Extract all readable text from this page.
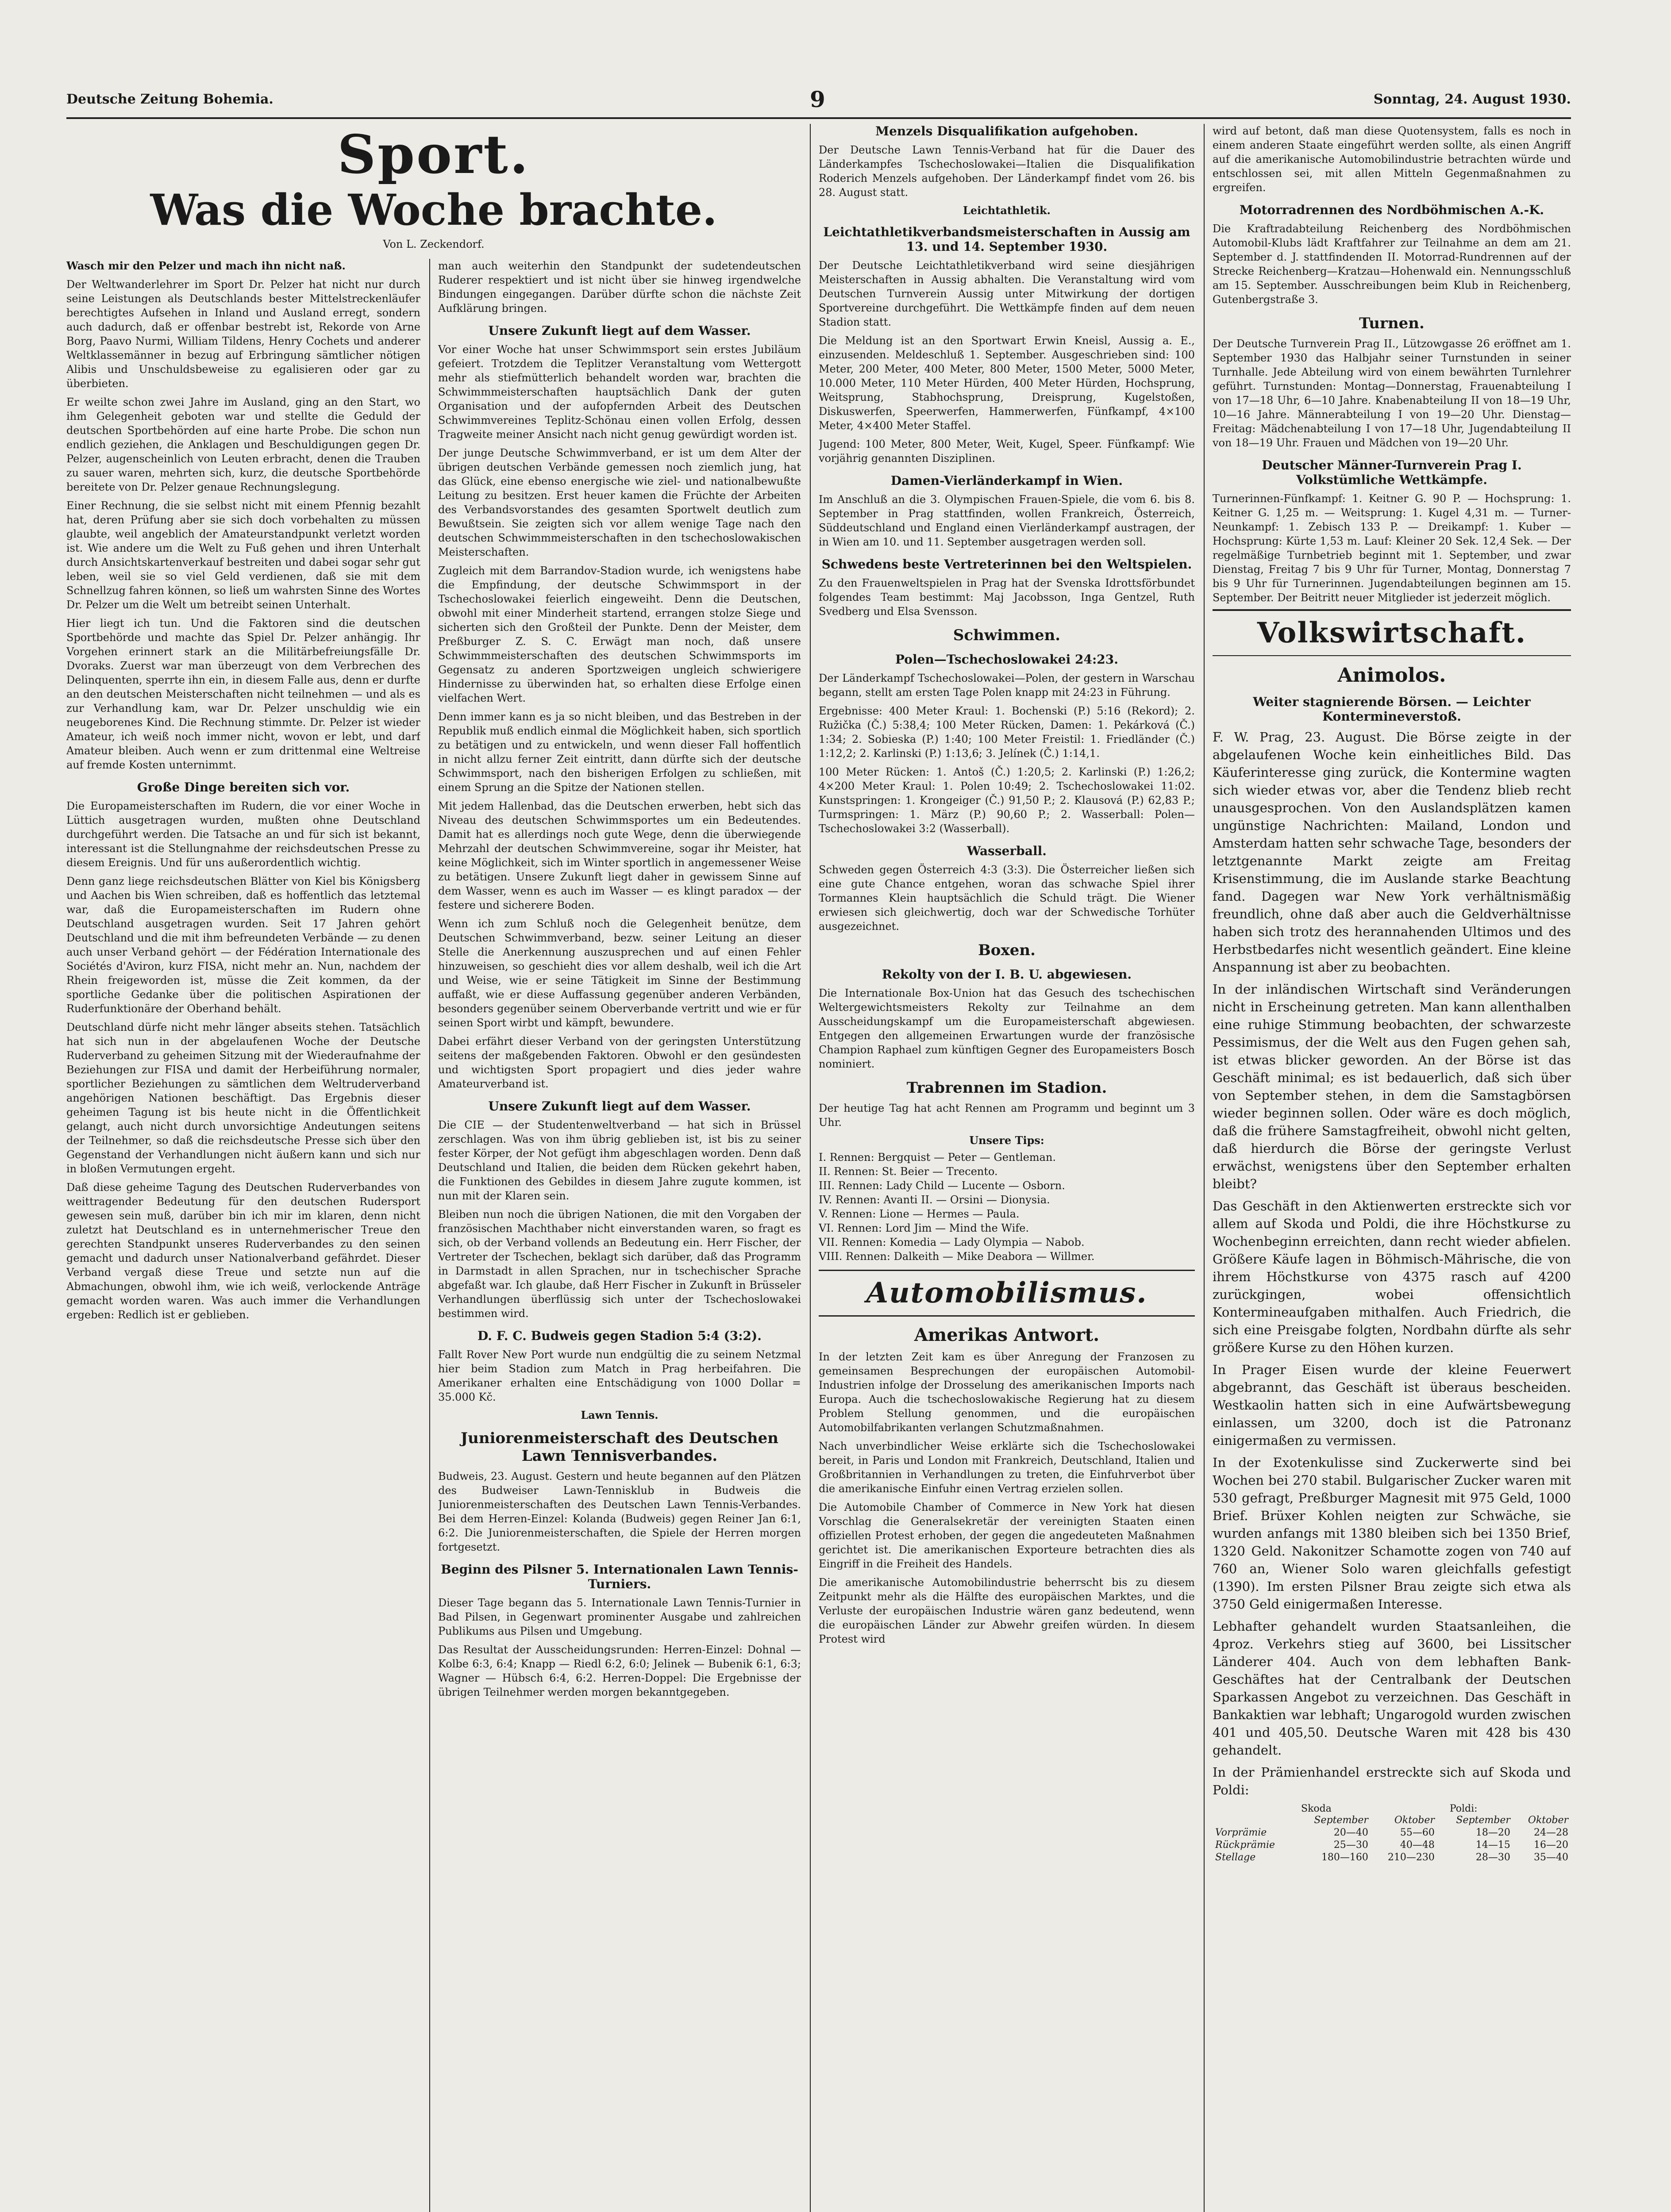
Deutsche Zeitung Bohemia.	9	Sonntag, 24. August 1930.
Sport.
Was die Woche brachte.
Von L. Zeckendorf.

Wasch mir den Pelzer und mach ihn nicht naß.

Der Weltwanderlehrer im Sport Dr. Pelzer hat nicht nur durch seine Leistungen als Deutschlands bester Mittelstreckenläufer berechtigtes Aufsehen in Inland und Ausland erregt, sondern auch dadurch, daß er offenbar bestrebt ist, Rekorde von Arne Borg, Paavo Nurmi, William Tildens, Henry Cochets und anderer Weltklassemänner in bezug auf Erbringung sämtlicher nötigen Alibis und Unschuldsbeweise zu egalisieren oder gar zu überbieten.

Er weilte schon zwei Jahre im Ausland, ging an den Start, wo ihm Gelegenheit geboten war und stellte die Geduld der deutschen Sportbehörden auf eine harte Probe. Die schon nun endlich geziehen, die Anklagen und Beschuldigungen gegen Dr. Pelzer, augenscheinlich von Leuten erbracht, denen die Trauben zu sauer waren, mehrten sich, kurz, die deutsche Sportbehörde bereitete von Dr. Pelzer genaue Rechnungslegung.

Einer Rechnung, die sie selbst nicht mit einem Pfennig bezahlt hat, deren Prüfung aber sie sich doch vorbehalten zu müssen glaubte, weil angeblich der Amateurstandpunkt verletzt worden ist. Wie andere um die Welt zu Fuß gehen und ihren Unterhalt durch Ansichtskartenverkauf bestreiten und dabei sogar sehr gut leben, weil sie so viel Geld verdienen, daß sie mit dem Schnellzug fahren können, so ließ um wahrsten Sinne des Wortes Dr. Pelzer um die Welt um betreibt seinen Unterhalt.

Hier liegt ich tun. Und die Faktoren sind die deutschen Sportbehörde und machte das Spiel Dr. Pelzer anhängig. Ihr Vorgehen erinnert stark an die Militärbefreiungsfälle Dr. Dvoraks. Zuerst war man überzeugt von dem Verbrechen des Delinquenten, sperrte ihn ein, in diesem Falle aus, denn er durfte an den deutschen Meisterschaften nicht teilnehmen — und als es zur Verhandlung kam, war Dr. Pelzer unschuldig wie ein neugeborenes Kind. Die Rechnung stimmte. Dr. Pelzer ist wieder Amateur, ich weiß noch immer nicht, wovon er lebt, und darf Amateur bleiben. Auch wenn er zum drittenmal eine Weltreise auf fremde Kosten unternimmt.

Große Dinge bereiten sich vor.

Die Europameisterschaften im Rudern, die vor einer Woche in Lüttich ausgetragen wurden, mußten ohne Deutschland durchgeführt werden. Die Tatsache an und für sich ist bekannt, interessant ist die Stellungnahme der reichsdeutschen Presse zu diesem Ereignis. Und für uns außerordentlich wichtig.

Denn ganz liege reichsdeutschen Blätter von Kiel bis Königsberg und Aachen bis Wien schreiben, daß es hoffentlich das letztemal war, daß die Europameisterschaften im Rudern ohne Deutschland ausgetragen wurden. Seit 17 Jahren gehört Deutschland und die mit ihm befreundeten Verbände — zu denen auch unser Verband gehört — der Fédération Internationale des Sociétés d'Aviron, kurz FISA, nicht mehr an. Nun, nachdem der Rhein freigeworden ist, müsse die Zeit kommen, da der sportliche Gedanke über die politischen Aspirationen der Ruderfunktionäre der Oberhand behält.

Deutschland dürfe nicht mehr länger abseits stehen. Tatsächlich hat sich nun in der abgelaufenen Woche der Deutsche Ruderverband zu geheimen Sitzung mit der Wiederaufnahme der Beziehungen zur FISA und damit der Herbeiführung normaler, sportlicher Beziehungen zu sämtlichen dem Weltruderverband angehörigen Nationen beschäftigt. Das Ergebnis dieser geheimen Tagung ist bis heute nicht in die Öffentlichkeit gelangt, auch nicht durch unvorsichtige Andeutungen seitens der Teilnehmer, so daß die reichsdeutsche Presse sich über den Gegenstand der Verhandlungen nicht äußern kann und sich nur in bloßen Vermutungen ergeht.

Daß diese geheime Tagung des Deutschen Ruderverbandes von weittragender Bedeutung für den deutschen Rudersport gewesen sein muß, darüber bin ich mir im klaren, denn nicht zuletzt hat Deutschland es in unternehmerischer Treue den gerechten Standpunkt unseres Ruderverbandes zu den seinen gemacht und dadurch unser Nationalverband gefährdet. Dieser Verband vergaß diese Treue und setzte nun auf die Abmachungen, obwohl ihm, wie ich weiß, verlockende Anträge gemacht worden waren. Was auch immer die Verhandlungen ergeben: Redlich ist er geblieben.

man auch weiterhin den Standpunkt der sudetendeutschen Ruderer respektiert und ist nicht über sie hinweg irgendwelche Bindungen eingegangen. Darüber dürfte schon die nächste Zeit Aufklärung bringen.

Unsere Zukunft liegt auf dem Wasser.

Vor einer Woche hat unser Schwimmsport sein erstes Jubiläum gefeiert. Trotzdem die Teplitzer Veranstaltung vom Wettergott mehr als stiefmütterlich behandelt worden war, brachten die Schwimmmeisterschaften hauptsächlich Dank der guten Organisation und der aufopfernden Arbeit des Deutschen Schwimmvereines Teplitz-Schönau einen vollen Erfolg, dessen Tragweite meiner Ansicht nach nicht genug gewürdigt worden ist.

Der junge Deutsche Schwimmverband, er ist um dem Alter der übrigen deutschen Verbände gemessen noch ziemlich jung, hat das Glück, eine ebenso energische wie ziel- und nationalbewußte Leitung zu besitzen. Erst heuer kamen die Früchte der Arbeiten des Verbandsvorstandes des gesamten Sportwelt deutlich zum Bewußtsein. Sie zeigten sich vor allem wenige Tage nach den deutschen Schwimmmeisterschaften in den tschechoslowakischen Meisterschaften.

Zugleich mit dem Barrandov-Stadion wurde, ich wenigstens habe die Empfindung, der deutsche Schwimmsport in der Tschechoslowakei feierlich eingeweiht. Denn die Deutschen, obwohl mit einer Minderheit startend, errangen stolze Siege und sicherten sich den Großteil der Punkte. Denn der Meister, dem Preßburger Z. S. C. Erwägt man noch, daß unsere Schwimmmeisterschaften des deutschen Schwimmsports im Gegensatz zu anderen Sportzweigen ungleich schwierigere Hindernisse zu überwinden hat, so erhalten diese Erfolge einen vielfachen Wert.

Denn immer kann es ja so nicht bleiben, und das Bestreben in der Republik muß endlich einmal die Möglichkeit haben, sich sportlich zu betätigen und zu entwickeln, und wenn dieser Fall hoffentlich in nicht allzu ferner Zeit eintritt, dann dürfte sich der deutsche Schwimmsport, nach den bisherigen Erfolgen zu schließen, mit einem Sprung an die Spitze der Nationen stellen.

Mit jedem Hallenbad, das die Deutschen erwerben, hebt sich das Niveau des deutschen Schwimmsportes um ein Bedeutendes. Damit hat es allerdings noch gute Wege, denn die überwiegende Mehrzahl der deutschen Schwimmvereine, sogar ihr Meister, hat keine Möglichkeit, sich im Winter sportlich in angemessener Weise zu betätigen. Unsere Zukunft liegt daher in gewissem Sinne auf dem Wasser, wenn es auch im Wasser — es klingt paradox — der festere und sicherere Boden.

Wenn ich zum Schluß noch die Gelegenheit benütze, dem Deutschen Schwimmverband, bezw. seiner Leitung an dieser Stelle die Anerkennung auszusprechen und auf einen Fehler hinzuweisen, so geschieht dies vor allem deshalb, weil ich die Art und Weise, wie er seine Tätigkeit im Sinne der Bestimmung auffaßt, wie er diese Auffassung gegenüber anderen Verbänden, besonders gegenüber seinem Oberverbande vertritt und wie er für seinen Sport wirbt und kämpft, bewundere.

Dabei erfährt dieser Verband von der geringsten Unterstützung seitens der maßgebenden Faktoren. Obwohl er den gesündesten und wichtigsten Sport propagiert und dies jeder wahre Amateurverband ist.

Unsere Zukunft liegt auf dem Wasser.

Die CIE — der Studentenweltverband — hat sich in Brüssel zerschlagen. Was von ihm übrig geblieben ist, ist bis zu seiner fester Körper, der Not gefügt ihm abgeschlagen worden. Denn daß Deutschland und Italien, die beiden dem Rücken gekehrt haben, die Funktionen des Gebildes in diesem Jahre zugute kommen, ist nun mit der Klaren sein.

Bleiben nun noch die übrigen Nationen, die mit den Vorgaben der französischen Machthaber nicht einverstanden waren, so fragt es sich, ob der Verband vollends an Bedeutung ein. Herr Fischer, der Vertreter der Tschechen, beklagt sich darüber, daß das Programm in Darmstadt in allen Sprachen, nur in tschechischer Sprache abgefaßt war. Ich glaube, daß Herr Fischer in Zukunft in Brüsseler Verhandlungen überflüssig sich unter der Tschechoslowakei bestimmen wird.

D. F. C. Budweis gegen Stadion 5:4 (3:2).

Fallt Rover New Port wurde nun endgültig die zu seinem Netzmal hier beim Stadion zum Match in Prag herbeifahren. Die Amerikaner erhalten eine Entschädigung von 1000 Dollar = 35.000 Kč.

Lawn Tennis.
Juniorenmeisterschaft des Deutschen Lawn Tennisverbandes.

Budweis, 23. August. Gestern und heute begannen auf den Plätzen des Budweiser Lawn-Tennisklub in Budweis die Juniorenmeisterschaften des Deutschen Lawn Tennis-Verbandes. Bei dem Herren-Einzel: Kolanda (Budweis) gegen Reiner Jan 6:1, 6:2. Die Juniorenmeisterschaften, die Spiele der Herren morgen fortgesetzt.

Beginn des Pilsner 5. Internationalen Lawn Tennis-Turniers.

Dieser Tage begann das 5. Internationale Lawn Tennis-Turnier in Bad Pilsen, in Gegenwart prominenter Ausgabe und zahlreichen Publikums aus Pilsen und Umgebung.

Das Resultat der Ausscheidungsrunden: Herren-Einzel: Dohnal — Kolbe 6:3, 6:4; Knapp — Riedl 6:2, 6:0; Jelinek — Bubenik 6:1, 6:3; Wagner — Hübsch 6:4, 6:2. Herren-Doppel: Die Ergebnisse der übrigen Teilnehmer werden morgen bekanntgegeben.

Menzels Disqualifikation aufgehoben.

Der Deutsche Lawn Tennis-Verband hat für die Dauer des Länderkampfes Tschechoslowakei—Italien die Disqualifikation Roderich Menzels aufgehoben. Der Länderkampf findet vom 26. bis 28. August statt.

Leichtathletik.
Leichtathletikverbandsmeisterschaften in Aussig am 13. und 14. September 1930.

Der Deutsche Leichtathletikverband wird seine diesjährigen Meisterschaften in Aussig abhalten. Die Veranstaltung wird vom Deutschen Turnverein Aussig unter Mitwirkung der dortigen Sportvereine durchgeführt. Die Wettkämpfe finden auf dem neuen Stadion statt.

Die Meldung ist an den Sportwart Erwin Kneisl, Aussig a. E., einzusenden. Meldeschluß 1. September. Ausgeschrieben sind: 100 Meter, 200 Meter, 400 Meter, 800 Meter, 1500 Meter, 5000 Meter, 10.000 Meter, 110 Meter Hürden, 400 Meter Hürden, Hochsprung, Weitsprung, Stabhochsprung, Dreisprung, Kugelstoßen, Diskuswerfen, Speerwerfen, Hammerwerfen, Fünfkampf, 4×100 Meter, 4×400 Meter Staffel.

Jugend: 100 Meter, 800 Meter, Weit, Kugel, Speer. Fünfkampf: Wie vorjährig genannten Disziplinen.

Damen-Vierländerkampf in Wien.

Im Anschluß an die 3. Olympischen Frauen-Spiele, die vom 6. bis 8. September in Prag stattfinden, wollen Frankreich, Österreich, Süddeutschland und England einen Vierländerkampf austragen, der in Wien am 10. und 11. September ausgetragen werden soll.

Schwedens beste Vertreterinnen bei den Weltspielen.

Zu den Frauenweltspielen in Prag hat der Svenska Idrottsförbundet folgendes Team bestimmt: Maj Jacobsson, Inga Gentzel, Ruth Svedberg und Elsa Svensson.

Schwimmen.
Polen—Tschechoslowakei 24:23.

Der Länderkampf Tschechoslowakei—Polen, der gestern in Warschau begann, stellt am ersten Tage Polen knapp mit 24:23 in Führung.

Ergebnisse: 400 Meter Kraul: 1. Bochenski (P.) 5:16 (Rekord); 2. Ružička (Č.) 5:38,4; 100 Meter Rücken, Damen: 1. Pekárková (Č.) 1:34; 2. Sobieska (P.) 1:40; 100 Meter Freistil: 1. Friedländer (Č.) 1:12,2; 2. Karlinski (P.) 1:13,6; 3. Jelínek (Č.) 1:14,1.

100 Meter Rücken: 1. Antoš (Č.) 1:20,5; 2. Karlinski (P.) 1:26,2; 4×200 Meter Kraul: 1. Polen 10:49; 2. Tschechoslowakei 11:02. Kunstspringen: 1. Krongeiger (Č.) 91,50 P.; 2. Klausová (P.) 62,83 P.; Turmspringen: 1. März (P.) 90,60 P.; 2. Wasserball: Polen—Tschechoslowakei 3:2 (Wasserball).

Wasserball.

Schweden gegen Österreich 4:3 (3:3). Die Österreicher ließen sich eine gute Chance entgehen, woran das schwache Spiel ihrer Tormannes Klein hauptsächlich die Schuld trägt. Die Wiener erwiesen sich gleichwertig, doch war der Schwedische Torhüter ausgezeichnet.

Boxen.
Rekolty von der I. B. U. abgewiesen.

Die Internationale Box-Union hat das Gesuch des tschechischen Weltergewichtsmeisters Rekolty zur Teilnahme an dem Ausscheidungskampf um die Europameisterschaft abgewiesen. Entgegen den allgemeinen Erwartungen wurde der französische Champion Raphael zum künftigen Gegner des Europameisters Bosch nominiert.

Trabrennen im Stadion.

Der heutige Tag hat acht Rennen am Programm und beginnt um 3 Uhr.

Unsere Tips:

I. Rennen: Bergquist — Peter — Gentleman.

II. Rennen: St. Beier — Trecento.

III. Rennen: Lady Child — Lucente — Osborn.

IV. Rennen: Avanti II. — Orsini — Dionysia.

V. Rennen: Lione — Hermes — Paula.

VI. Rennen: Lord Jim — Mind the Wife.

VII. Rennen: Komedia — Lady Olympia — Nabob.

VIII. Rennen: Dalkeith — Mike Deabora — Willmer.

Automobilismus.
Amerikas Antwort.

In der letzten Zeit kam es über Anregung der Franzosen zu gemeinsamen Besprechungen der europäischen Automobil-Industrien infolge der Drosselung des amerikanischen Imports nach Europa. Auch die tschechoslowakische Regierung hat zu diesem Problem Stellung genommen, und die europäischen Automobilfabrikanten verlangen Schutzmaßnahmen.

Nach unverbindlicher Weise erklärte sich die Tschechoslowakei bereit, in Paris und London mit Frankreich, Deutschland, Italien und Großbritannien in Verhandlungen zu treten, die Einfuhrverbot über die amerikanische Einfuhr einen Vertrag erzielen sollen.

Die Automobile Chamber of Commerce in New York hat diesen Vorschlag die Generalsekretär der vereinigten Staaten einen offiziellen Protest erhoben, der gegen die angedeuteten Maßnahmen gerichtet ist. Die amerikanischen Exporteure betrachten dies als Eingriff in die Freiheit des Handels.

Die amerikanische Automobilindustrie beherrscht bis zu diesem Zeitpunkt mehr als die Hälfte des europäischen Marktes, und die Verluste der europäischen Industrie wären ganz bedeutend, wenn die europäischen Länder zur Abwehr greifen würden. In diesem Protest wird

wird auf betont, daß man diese Quotensystem, falls es noch in einem anderen Staate eingeführt werden sollte, als einen Angriff auf die amerikanische Automobilindustrie betrachten würde und entschlossen sei, mit allen Mitteln Gegenmaßnahmen zu ergreifen.

Motorradrennen des Nordböhmischen A.-K.

Die Kraftradabteilung Reichenberg des Nordböhmischen Automobil-Klubs lädt Kraftfahrer zur Teilnahme an dem am 21. September d. J. stattfindenden II. Motorrad-Rundrennen auf der Strecke Reichenberg—Kratzau—Hohenwald ein. Nennungsschluß am 15. September. Ausschreibungen beim Klub in Reichenberg, Gutenbergstraße 3.

Turnen.

Der Deutsche Turnverein Prag II., Lützowgasse 26 eröffnet am 1. September 1930 das Halbjahr seiner Turnstunden in seiner Turnhalle. Jede Abteilung wird von einem bewährten Turnlehrer geführt. Turnstunden: Montag—Donnerstag, Frauenabteilung I von 17—18 Uhr, 6—10 Jahre. Knabenabteilung II von 18—19 Uhr, 10—16 Jahre. Männerabteilung I von 19—20 Uhr. Dienstag—Freitag: Mädchenabteilung I von 17—18 Uhr, Jugendabteilung II von 18—19 Uhr. Frauen und Mädchen von 19—20 Uhr.

Deutscher Männer-Turnverein Prag I. Volkstümliche Wettkämpfe.

Turnerinnen-Fünfkampf: 1. Keitner G. 90 P. — Hochsprung: 1. Keitner G. 1,25 m. — Weitsprung: 1. Kugel 4,31 m. — Turner-Neunkampf: 1. Zebisch 133 P. — Dreikampf: 1. Kuber — Hochsprung: Kürte 1,53 m. Lauf: Kleiner 20 Sek. 12,4 Sek. — Der regelmäßige Turnbetrieb beginnt mit 1. September, und zwar Dienstag, Freitag 7 bis 9 Uhr für Turner, Montag, Donnerstag 7 bis 9 Uhr für Turnerinnen. Jugendabteilungen beginnen am 15. September. Der Beitritt neuer Mitglieder ist jederzeit möglich.

Volkswirtschaft.
Animolos.
Weiter stagnierende Börsen. — Leichter Kontermineverstoß.

F. W. Prag, 23. August. Die Börse zeigte in der abgelaufenen Woche kein einheitliches Bild. Das Käuferinteresse ging zurück, die Kontermine wagten sich wieder etwas vor, aber die Tendenz blieb recht unausgesprochen. Von den Auslandsplätzen kamen ungünstige Nachrichten: Mailand, London und Amsterdam hatten sehr schwache Tage, besonders der letztgenannte Markt zeigte am Freitag Krisenstimmung, die im Auslande starke Beachtung fand. Dagegen war New York verhältnismäßig freundlich, ohne daß aber auch die Geldverhältnisse haben sich trotz des herannahenden Ultimos und des Herbstbedarfes nicht wesentlich geändert. Eine kleine Anspannung ist aber zu beobachten.

In der inländischen Wirtschaft sind Veränderungen nicht in Erscheinung getreten. Man kann allenthalben eine ruhige Stimmung beobachten, der schwarzeste Pessimismus, der die Welt aus den Fugen gehen sah, ist etwas blicker geworden. An der Börse ist das Geschäft minimal; es ist bedauerlich, daß sich über von September stehen, in dem die Samstagbörsen wieder beginnen sollen. Oder wäre es doch möglich, daß die frühere Samstagfreiheit, obwohl nicht gelten, daß hierdurch die Börse der geringste Verlust erwächst, wenigstens über den September erhalten bleibt?

Das Geschäft in den Aktienwerten erstreckte sich vor allem auf Skoda und Poldi, die ihre Höchstkurse zu Wochenbeginn erreichten, dann recht wieder abfielen. Größere Käufe lagen in Böhmisch-Mährische, die von ihrem Höchstkurse von 4375 rasch auf 4200 zurückgingen, wobei offensichtlich Kontermineaufgaben mithalfen. Auch Friedrich, die sich eine Preisgabe folgten, Nordbahn dürfte als sehr größere Kurse zu den Höhen kurzen.

In Prager Eisen wurde der kleine Feuerwert abgebrannt, das Geschäft ist überaus bescheiden. Westkaolin hatten sich in eine Aufwärtsbewegung einlassen, um 3200, doch ist die Patronanz einigermaßen zu vermissen.

In der Exotenkulisse sind Zuckerwerte sind bei Wochen bei 270 stabil. Bulgarischer Zucker waren mit 530 gefragt, Preßburger Magnesit mit 975 Geld, 1000 Brief. Brüxer Kohlen neigten zur Schwäche, sie wurden anfangs mit 1380 bleiben sich bei 1350 Brief, 1320 Geld. Nakonitzer Schamotte zogen von 740 auf 760 an, Wiener Solo waren gleichfalls gefestigt (1390). Im ersten Pilsner Brau zeigte sich etwa als 3750 Geld einigermaßen Interesse.

Lebhafter gehandelt wurden Staatsanleihen, die 4proz. Verkehrs stieg auf 3600, bei Lissitscher Länderer 404. Auch von dem lebhaften Bank-Geschäftes hat der Centralbank der Deutschen Sparkassen Angebot zu verzeichnen. Das Geschäft in Bankaktien war lebhaft; Ungarogold wurden zwischen 401 und 405,50. Deutsche Waren mit 428 bis 430 gehandelt.

In der Prämienhandel erstreckte sich auf Skoda und Poldi:

Skoda	Poldi:
	September	Oktober	September	Oktober
Vorprämie	20—40	55—60	18—20	24—28
Rückprämie	25—30	40—48	14—15	16—20
Stellage	180—160	210—230	28—30	35—40
